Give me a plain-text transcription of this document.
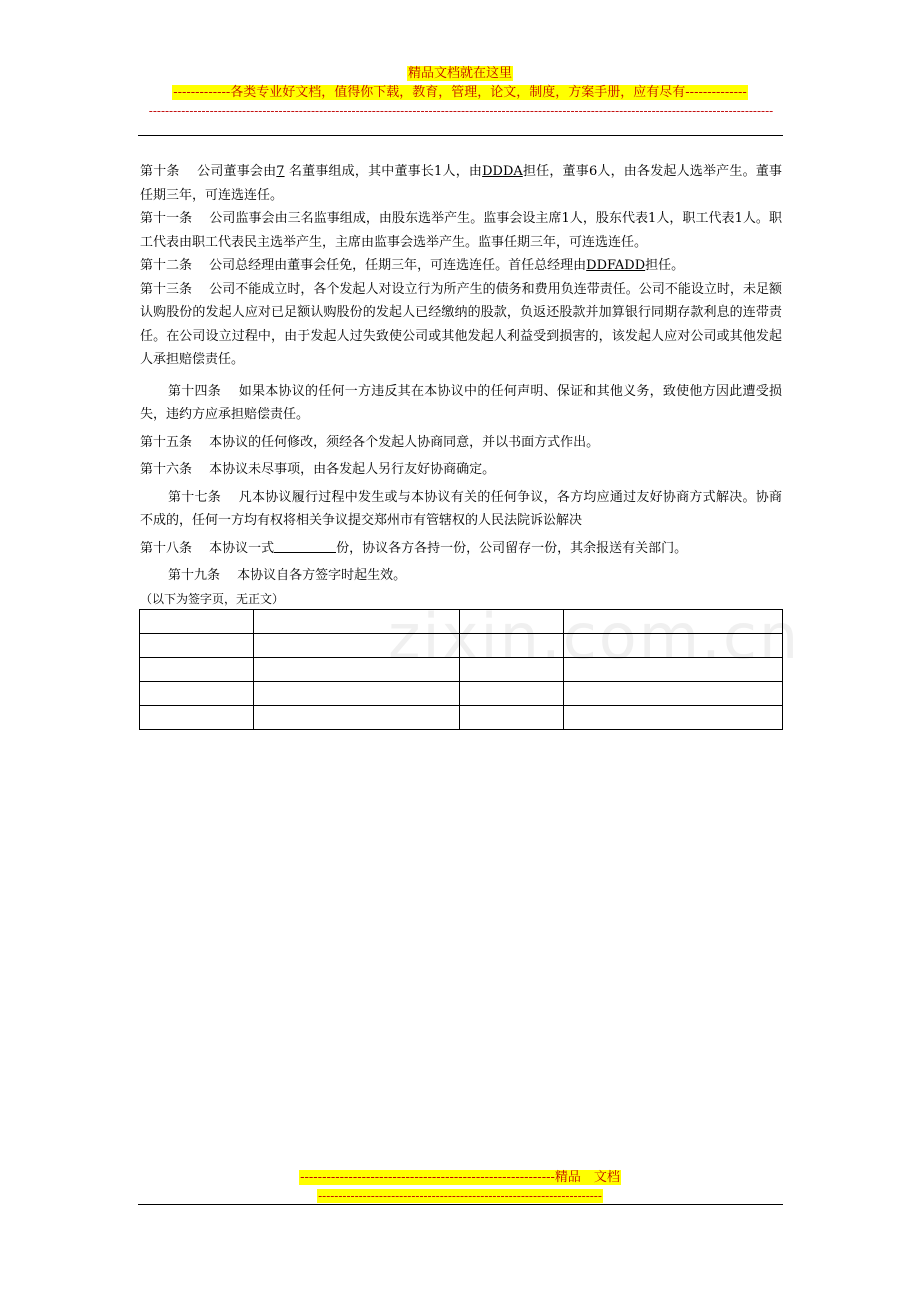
精品文档就在这里
-------------各类专业好文档，值得你下载，教育，管理，论文，制度，方案手册，应有尽有--------------
----------------------------------------------------------------------------------------------------------------------------------------------------------
zixin.com.cn

第十条　 公司董事会由7 名董事组成，其中董事长1人，由DDDA担任，董事6人，由各发起人选举产生。董事任期三年，可连选连任。

第十一条　 公司监事会由三名监事组成，由股东选举产生。监事会设主席1人，股东代表1人，职工代表1人。职工代表由职工代表民主选举产生，主席由监事会选举产生。监事任期三年，可连选连任。

第十二条　 公司总经理由董事会任免，任期三年，可连选连任。首任总经理由DDFADD担任。

第十三条　 公司不能成立时，各个发起人对设立行为所产生的债务和费用负连带责任。公司不能设立时，未足额认购股份的发起人应对已足额认购股份的发起人已经缴纳的股款，负返还股款并加算银行同期存款利息的连带责任。在公司设立过程中，由于发起人过失致使公司或其他发起人利益受到损害的，该发起人应对公司或其他发起人承担赔偿责任。

第十四条　 如果本协议的任何一方违反其在本协议中的任何声明、保证和其他义务，致使他方因此遭受损失，违约方应承担赔偿责任。

第十五条　 本协议的任何修改，须经各个发起人协商同意，并以书面方式作出。

第十六条　 本协议未尽事项，由各发起人另行友好协商确定。

第十七条　 凡本协议履行过程中发生或与本协议有关的任何争议，各方均应通过友好协商方式解决。协商不成的，任何一方均有权将相关争议提交郑州市有管辖权的人民法院诉讼解决

第十八条　 本协议一式	份，协议各方各持一份，公司留存一份，其余报送有关部门。

第十九条　 本协议自各方签字时起生效。

（以下为签字页，无正文）

----------------------------------------------------------精品　文档
----------------------------------------------------------------------
